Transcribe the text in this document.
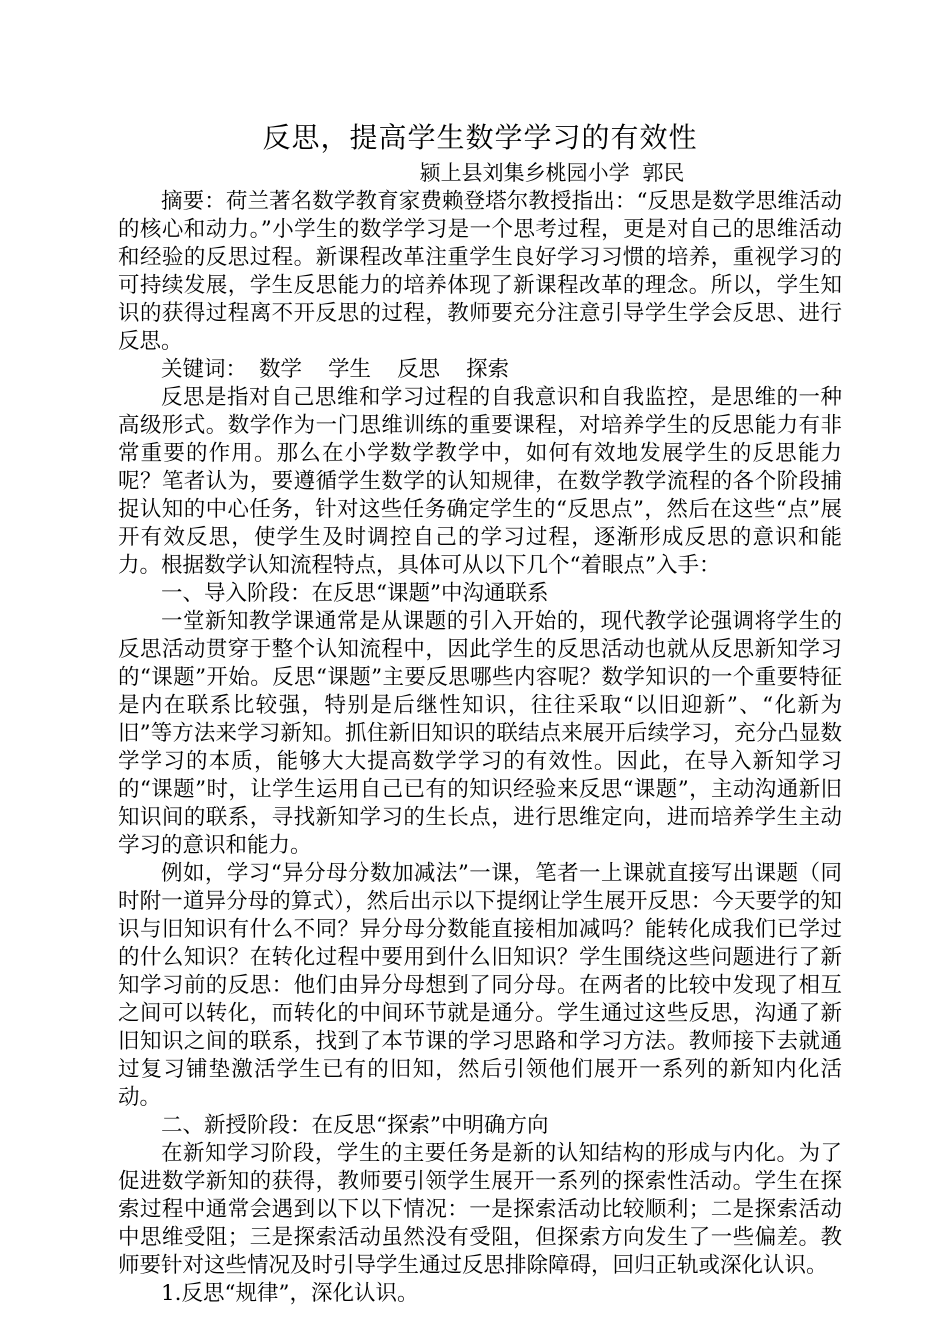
反思，提高学生数学学习的有效性
颍上县刘集乡桃园小学 郭民

摘要：荷兰著名数学教育家费赖登塔尔教授指出：“反思是数学思维活动的核心和动力。”小学生的数学学习是一个思考过程，更是对自己的思维活动和经验的反思过程。新课程改革注重学生良好学习习惯的培养，重视学习的可持续发展，学生反思能力的培养体现了新课程改革的理念。所以，学生知识的获得过程离不开反思的过程，教师要充分注意引导学生学会反思、进行反思。

关键词： 数学 学生 反思 探索

反思是指对自己思维和学习过程的自我意识和自我监控，是思维的一种高级形式。数学作为一门思维训练的重要课程，对培养学生的反思能力有非常重要的作用。那么在小学数学教学中，如何有效地发展学生的反思能力呢？笔者认为，要遵循学生数学的认知规律，在数学教学流程的各个阶段捕捉认知的中心任务，针对这些任务确定学生的“反思点”，然后在这些“点”展开有效反思，使学生及时调控自己的学习过程，逐渐形成反思的意识和能力。根据数学认知流程特点，具体可从以下几个“着眼点”入手：

一、导入阶段：在反思“课题”中沟通联系

一堂新知教学课通常是从课题的引入开始的，现代教学论强调将学生的反思活动贯穿于整个认知流程中，因此学生的反思活动也就从反思新知学习的“课题”开始。反思“课题”主要反思哪些内容呢？数学知识的一个重要特征是内在联系比较强，特别是后继性知识，往往采取“以旧迎新”、“化新为旧”等方法来学习新知。抓住新旧知识的联结点来展开后续学习，充分凸显数学学习的本质，能够大大提高数学学习的有效性。因此，在导入新知学习的“课题”时，让学生运用自己已有的知识经验来反思“课题”，主动沟通新旧知识间的联系，寻找新知学习的生长点，进行思维定向，进而培养学生主动学习的意识和能力。

例如，学习“异分母分数加减法”一课，笔者一上课就直接写出课题（同时附一道异分母的算式），然后出示以下提纲让学生展开反思：今天要学的知识与旧知识有什么不同？异分母分数能直接相加减吗？能转化成我们已学过的什么知识？在转化过程中要用到什么旧知识？学生围绕这些问题进行了新知学习前的反思：他们由异分母想到了同分母。在两者的比较中发现了相互之间可以转化，而转化的中间环节就是通分。学生通过这些反思，沟通了新旧知识之间的联系，找到了本节课的学习思路和学习方法。教师接下去就通过复习铺垫激活学生已有的旧知，然后引领他们展开一系列的新知内化活动。

二、新授阶段：在反思“探索”中明确方向

在新知学习阶段，学生的主要任务是新的认知结构的形成与内化。为了促进数学新知的获得，教师要引领学生展开一系列的探索性活动。学生在探索过程中通常会遇到以下以下情况：一是探索活动比较顺利；二是探索活动中思维受阻；三是探索活动虽然没有受阻，但探索方向发生了一些偏差。教师要针对这些情况及时引导学生通过反思排除障碍，回归正轨或深化认识。

1.反思“规律”，深化认识。
